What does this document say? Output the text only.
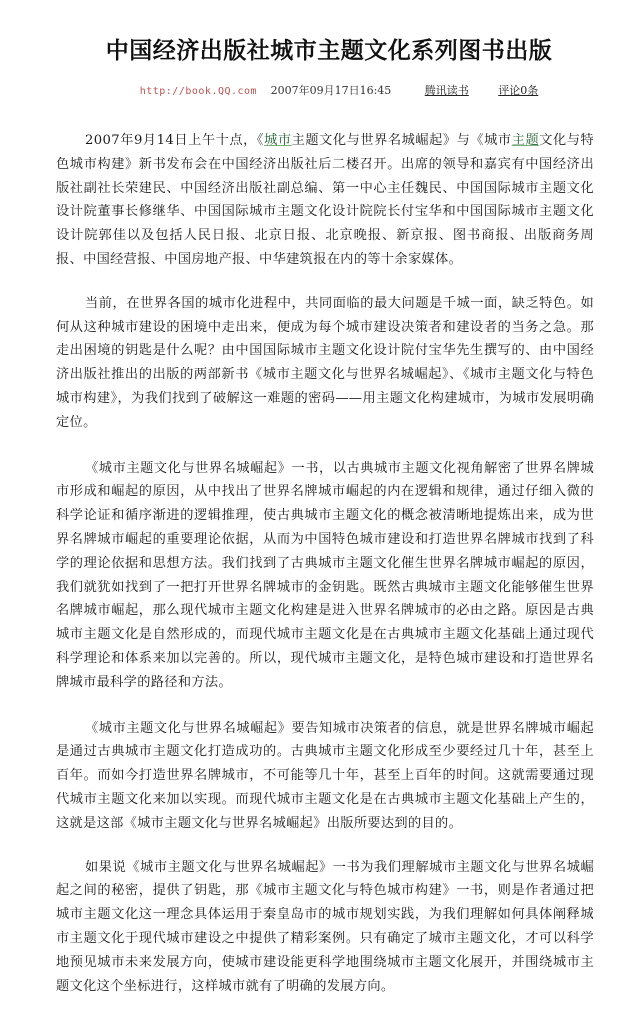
中国经济出版社城市主题文化系列图书出版
http://book.QQ.com 2007年09月17日16:45	腾讯读书	评论0条

2007年9月14日上午十点，《城市主题文化与世界名城崛起》与《城市主题文化与特色城市构建》新书发布会在中国经济出版社后二楼召开。出席的领导和嘉宾有中国经济出版社副社长荣建民、中国经济出版社副总编、第一中心主任魏民、中国国际城市主题文化设计院董事长修继华、中国国际城市主题文化设计院院长付宝华和中国国际城市主题文化设计院郭佳以及包括人民日报、北京日报、北京晚报、新京报、图书商报、出版商务周报、中国经营报、中国房地产报、中华建筑报在内的等十余家媒体。

当前，在世界各国的城市化进程中，共同面临的最大问题是千城一面，缺乏特色。如何从这种城市建设的困境中走出来，便成为每个城市建设决策者和建设者的当务之急。那走出困境的钥匙是什么呢？由中国国际城市主题文化设计院付宝华先生撰写的、由中国经济出版社推出的出版的两部新书《城市主题文化与世界名城崛起》、《城市主题文化与特色城市构建》，为我们找到了破解这一难题的密码——用主题文化构建城市，为城市发展明确定位。

《城市主题文化与世界名城崛起》一书，以古典城市主题文化视角解密了世界名牌城市形成和崛起的原因，从中找出了世界名牌城市崛起的内在逻辑和规律，通过仔细入微的科学论证和循序渐进的逻辑推理，使古典城市主题文化的概念被清晰地提炼出来，成为世界名牌城市崛起的重要理论依据，从而为中国特色城市建设和打造世界名牌城市找到了科学的理论依据和思想方法。我们找到了古典城市主题文化催生世界名牌城市崛起的原因，我们就犹如找到了一把打开世界名牌城市的金钥匙。既然古典城市主题文化能够催生世界名牌城市崛起，那么现代城市主题文化构建是进入世界名牌城市的必由之路。原因是古典城市主题文化是自然形成的，而现代城市主题文化是在古典城市主题文化基础上通过现代科学理论和体系来加以完善的。所以，现代城市主题文化，是特色城市建设和打造世界名牌城市最科学的路径和方法。

《城市主题文化与世界名城崛起》要告知城市决策者的信息，就是世界名牌城市崛起是通过古典城市主题文化打造成功的。古典城市主题文化形成至少要经过几十年，甚至上百年。而如今打造世界名牌城市，不可能等几十年，甚至上百年的时间。这就需要通过现代城市主题文化来加以实现。而现代城市主题文化是在古典城市主题文化基础上产生的，这就是这部《城市主题文化与世界名城崛起》出版所要达到的目的。

如果说《城市主题文化与世界名城崛起》一书为我们理解城市主题文化与世界名城崛起之间的秘密，提供了钥匙，那《城市主题文化与特色城市构建》一书，则是作者通过把城市主题文化这一理念具体运用于秦皇岛市的城市规划实践，为我们理解如何具体阐释城市主题文化于现代城市建设之中提供了精彩案例。只有确定了城市主题文化，才可以科学地预见城市未来发展方向，使城市建设能更科学地围绕城市主题文化展开，并围绕城市主题文化这个坐标进行，这样城市就有了明确的发展方向。
